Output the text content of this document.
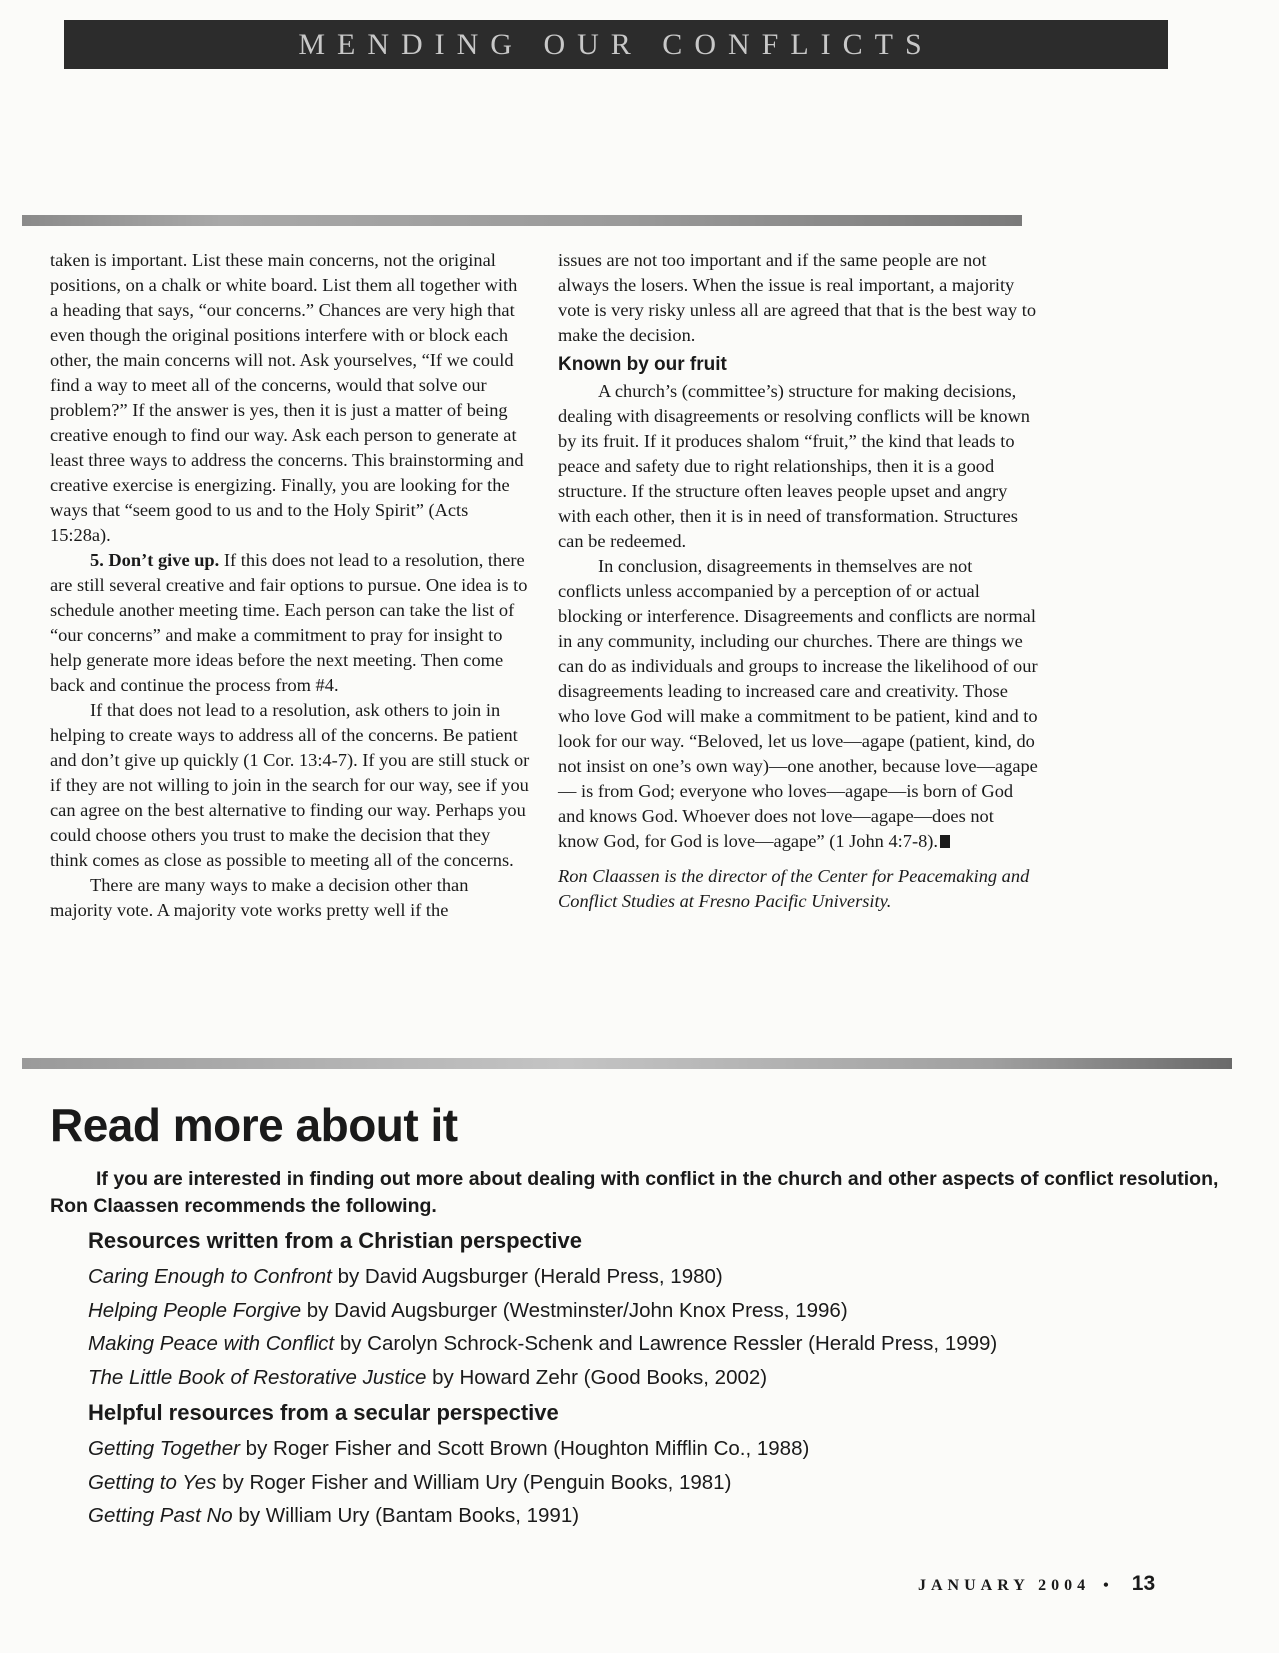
MENDING OUR CONFLICTS

taken is important. List these main concerns, not the original positions, on a chalk or white board. List them all together with a heading that says, “our concerns.” Chances are very high that even though the original positions interfere with or block each other, the main concerns will not. Ask yourselves, “If we could find a way to meet all of the concerns, would that solve our problem?” If the answer is yes, then it is just a matter of being creative enough to find our way. Ask each person to generate at least three ways to address the concerns. This brainstorming and creative exercise is energizing. Finally, you are looking for the ways that “seem good to us and to the Holy Spirit” (Acts 15:28a).

5. Don’t give up. If this does not lead to a resolution, there are still several creative and fair options to pursue. One idea is to schedule another meeting time. Each person can take the list of “our concerns” and make a commitment to pray for insight to help generate more ideas before the next meeting. Then come back and continue the process from #4.

If that does not lead to a resolution, ask others to join in helping to create ways to address all of the concerns. Be patient and don’t give up quickly (1 Cor. 13:4-7). If you are still stuck or if they are not willing to join in the search for our way, see if you can agree on the best alternative to finding our way. Perhaps you could choose others you trust to make the decision that they think comes as close as possible to meeting all of the concerns.

There are many ways to make a decision other than majority vote. A majority vote works pretty well if the

issues are not too important and if the same people are not always the losers. When the issue is real important, a majority vote is very risky unless all are agreed that that is the best way to make the decision.

Known by our fruit

A church’s (committee’s) structure for making decisions, dealing with disagreements or resolving conflicts will be known by its fruit. If it produces shalom “fruit,” the kind that leads to peace and safety due to right relationships, then it is a good structure. If the structure often leaves people upset and angry with each other, then it is in need of transformation. Structures can be redeemed.

In conclusion, disagreements in themselves are not conflicts unless accompanied by a perception of or actual blocking or interference. Disagreements and conflicts are normal in any community, including our churches. There are things we can do as individuals and groups to increase the likelihood of our disagreements leading to increased care and creativity. Those who love God will make a commitment to be patient, kind and to look for our way. “Beloved, let us love—agape (patient, kind, do not insist on one’s own way)—one another, because love—agape— is from God; everyone who loves—agape—is born of God and knows God. Whoever does not love—agape—does not know God, for God is love—agape” (1 John 4:7-8).

Ron Claassen is the director of the Center for Peacemaking and Conflict Studies at Fresno Pacific University.

Read more about it

If you are interested in finding out more about dealing with conflict in the church and other aspects of conflict resolution, Ron Claassen recommends the following.

Resources written from a Christian perspective

Caring Enough to Confront by David Augsburger (Herald Press, 1980)

Helping People Forgive by David Augsburger (Westminster/John Knox Press, 1996)

Making Peace with Conflict by Carolyn Schrock-Schenk and Lawrence Ressler (Herald Press, 1999)

The Little Book of Restorative Justice by Howard Zehr (Good Books, 2002)

Helpful resources from a secular perspective

Getting Together by Roger Fisher and Scott Brown (Houghton Mifflin Co., 1988)

Getting to Yes by Roger Fisher and William Ury (Penguin Books, 1981)

Getting Past No by William Ury (Bantam Books, 1991)

JANUARY 2004 • 13
